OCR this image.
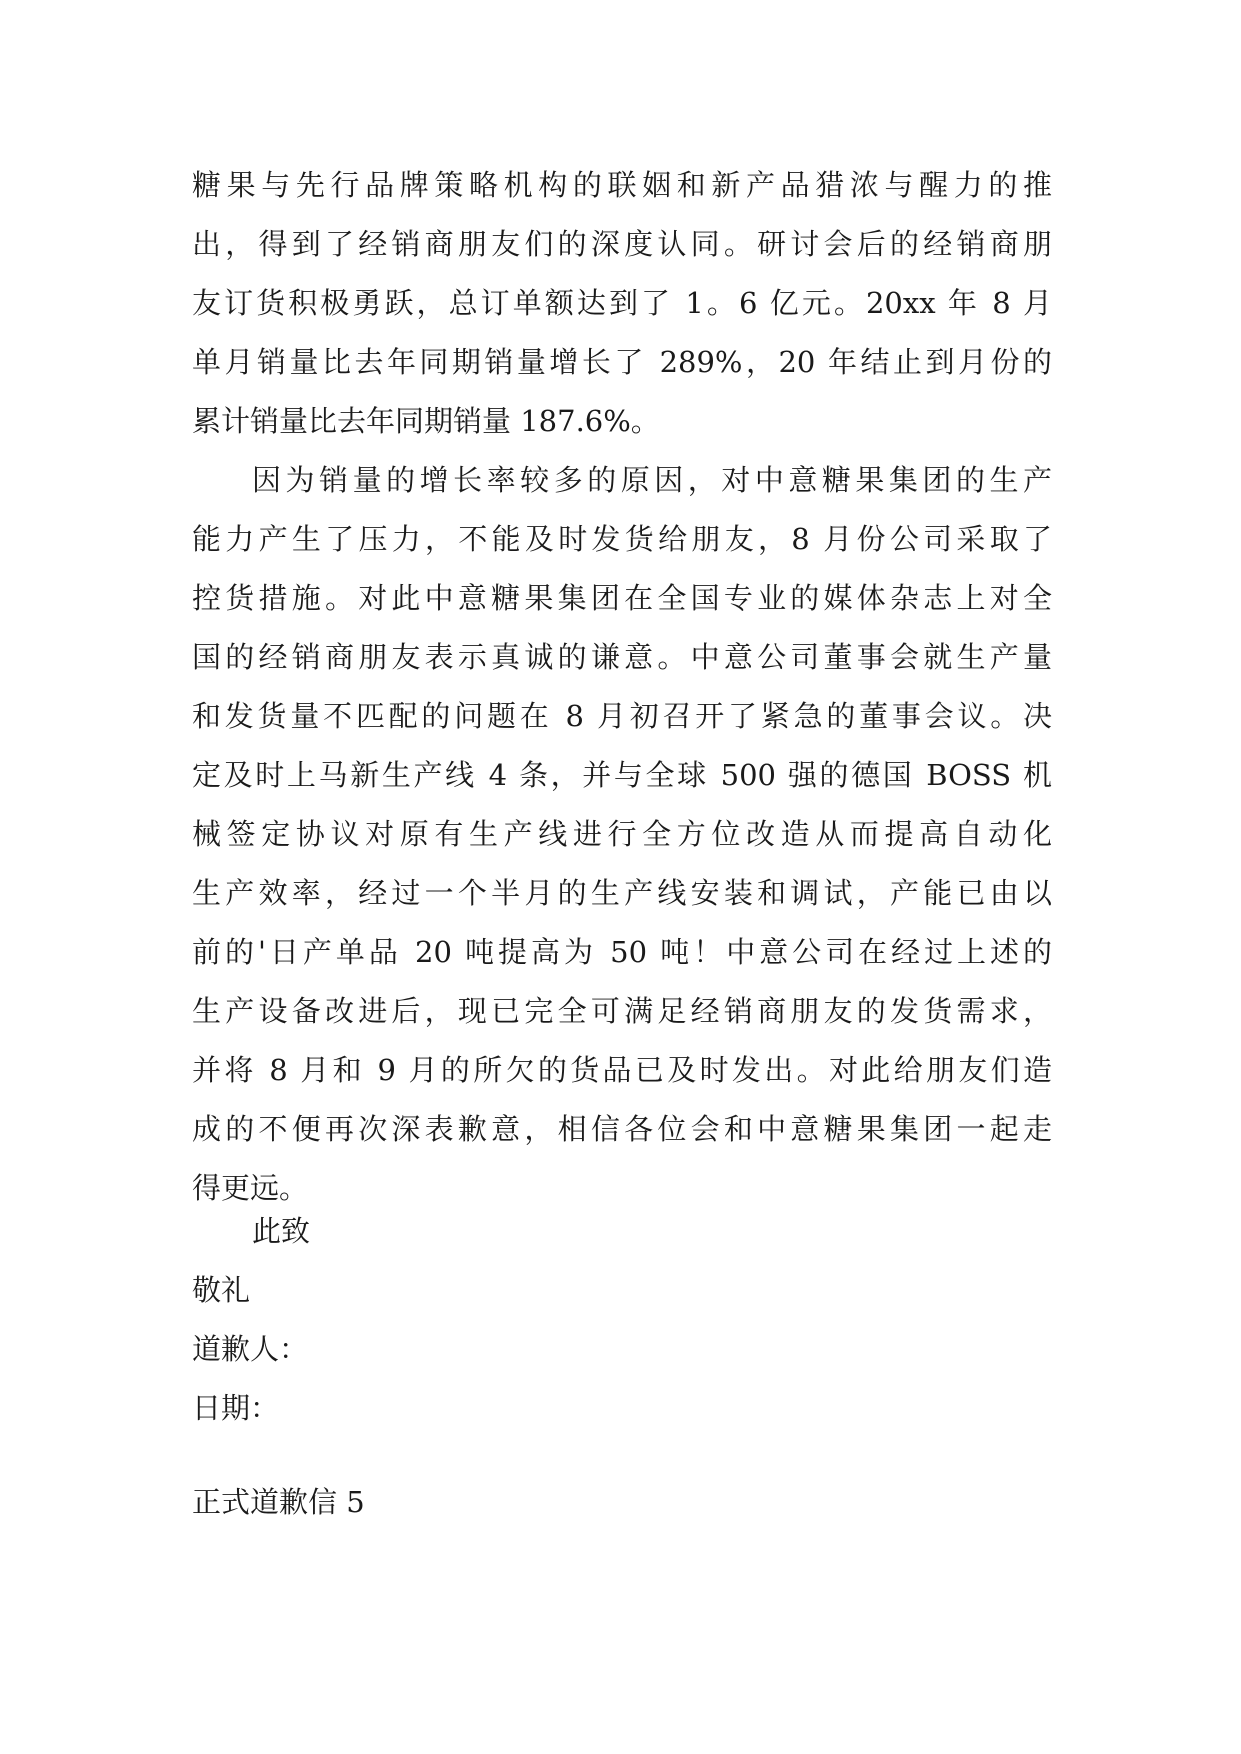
糖果与先行品牌策略机构的联姻和新产品猎浓与醒力的推
出，得到了经销商朋友们的深度认同。研讨会后的经销商朋
友订货积极勇跃，总订单额达到了 1。6 亿元。20xx 年 8 月
单月销量比去年同期销量增长了 289%，20 年结止到月份的
累计销量比去年同期销量 187.6%。
因为销量的增长率较多的原因，对中意糖果集团的生产
能力产生了压力，不能及时发货给朋友，8 月份公司采取了
控货措施。对此中意糖果集团在全国专业的媒体杂志上对全
国的经销商朋友表示真诚的谦意。中意公司董事会就生产量
和发货量不匹配的问题在 8 月初召开了紧急的董事会议。决
定及时上马新生产线 4 条，并与全球 500 强的德国 BOSS 机
械签定协议对原有生产线进行全方位改造从而提高自动化
生产效率，经过一个半月的生产线安装和调试，产能已由以
前的'日产单品 20 吨提高为 50 吨！中意公司在经过上述的
生产设备改进后，现已完全可满足经销商朋友的发货需求，
并将 8 月和 9 月的所欠的货品已及时发出。对此给朋友们造
成的不便再次深表歉意，相信各位会和中意糖果集团一起走
得更远。
此致
敬礼
道歉人：
日期：
正式道歉信 5
